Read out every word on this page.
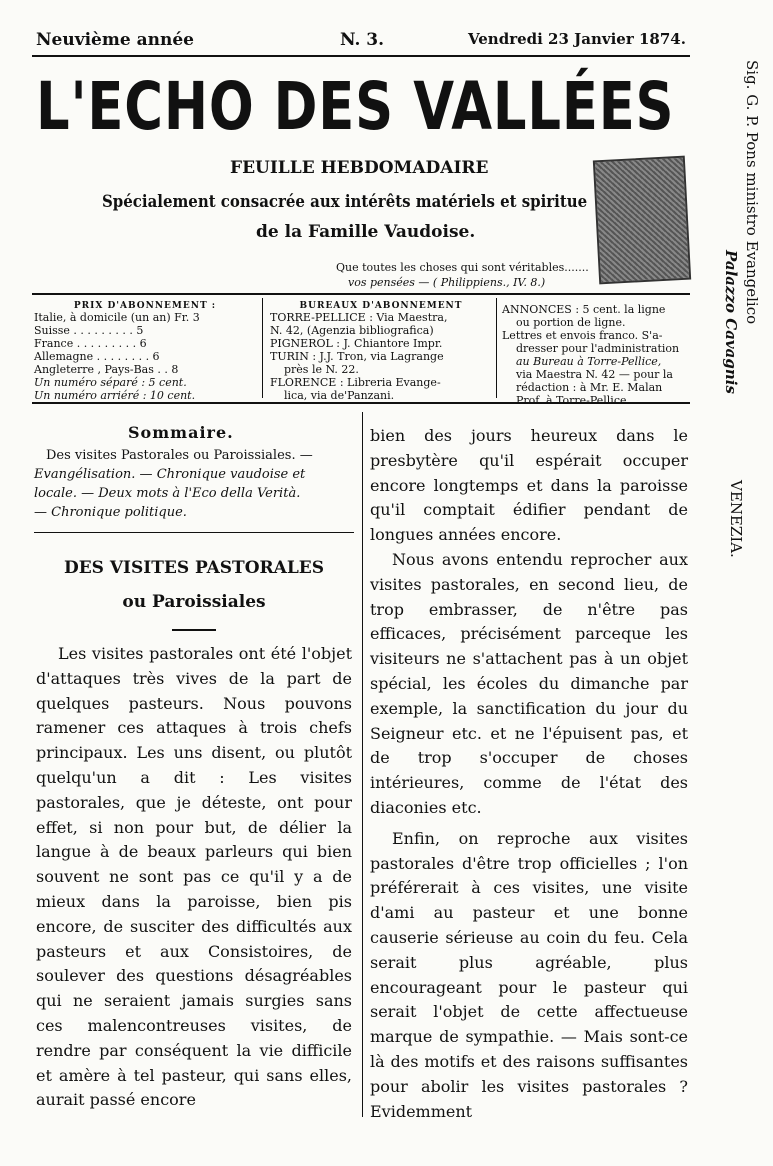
Neuvième année	N. 3.	Vendredi 23 Janvier 1874.
L'ECHO DES VALLÉES
FEUILLE HEBDOMADAIRE
Spécialement consacrée aux intérêts matériels et spiritue
de la Famille Vaudoise.
Que toutes les choses qui sont véritables.......
vos pensées — ( Philippiens., IV. 8.)
PRIX D'ABONNEMENT :
Italie, à domicile (un an) Fr. 3
Suisse . . . . . . . . . 5
France . . . . . . . . . 6
Allemagne . . . . . . . . 6
Angleterre , Pays-Bas . . 8
Un numéro séparé : 5 cent.
Un numéro arriéré : 10 cent.
BUREAUX D'ABONNEMENT
TORRE-PELLICE : Via Maestra,
N. 42, (Agenzia bibliografica)
PIGNEROL : J. Chiantore Impr.
TURIN : J.J. Tron, via Lagrange
près le N. 22.
FLORENCE : Libreria Evange-
lica, via de'Panzani.
ANNONCES : 5 cent. la ligne
ou portion de ligne.
Lettres et envois franco. S'a-
dresser pour l'administration
au Bureau à Torre-Pellice,
via Maestra N. 42 — pour la
rédaction : à Mr. E. Malan
Prof. à Torre-Pellice.
Sommaire.
Des visites Pastorales ou Paroissiales. —
Evangélisation. — Chronique vaudoise et
locale. — Deux mots à l'Eco della Verità.
— Chronique politique.
DES VISITES PASTORALES
ou Paroissiales

Les visites pastorales ont été l'objet d'attaques très vives de la part de quelques pasteurs. Nous pouvons ramener ces attaques à trois chefs principaux. Les uns disent, ou plutôt quelqu'un a dit : Les visites pastorales, que je déteste, ont pour effet, si non pour but, de délier la langue à de beaux parleurs qui bien souvent ne sont pas ce qu'il y a de mieux dans la paroisse, bien pis encore, de susciter des difficultés aux pasteurs et aux Consistoires, de soulever des questions désagréables qui ne seraient jamais surgies sans ces malencontreuses visites, de rendre par conséquent la vie difficile et amère à tel pasteur, qui sans elles, aurait passé encore

bien des jours heureux dans le presbytère qu'il espérait occuper encore longtemps et dans la paroisse qu'il comptait édifier pendant de longues années encore.

Nous avons entendu reprocher aux visites pastorales, en second lieu, de trop embrasser, de n'être pas efficaces, précisément parceque les visiteurs ne s'attachent pas à un objet spécial, les écoles du dimanche par exemple, la sanctification du jour du Seigneur etc. et ne l'épuisent pas, et de trop s'occuper de choses intérieures, comme de l'état des diaconies etc.

Enfin, on reproche aux visites pastorales d'être trop officielles ; l'on préférerait à ces visites, une visite d'ami au pasteur et une bonne causerie sérieuse au coin du feu. Cela serait plus agréable, plus encourageant pour le pasteur qui serait l'objet de cette affectueuse marque de sympathie. — Mais sont-ce là des motifs et des raisons suffisantes pour abolir les visites pastorales ? Evidemment

Sig. G. P. Pons ministro Evangelico
Palazzo Cavagnis
VENEZIA.
